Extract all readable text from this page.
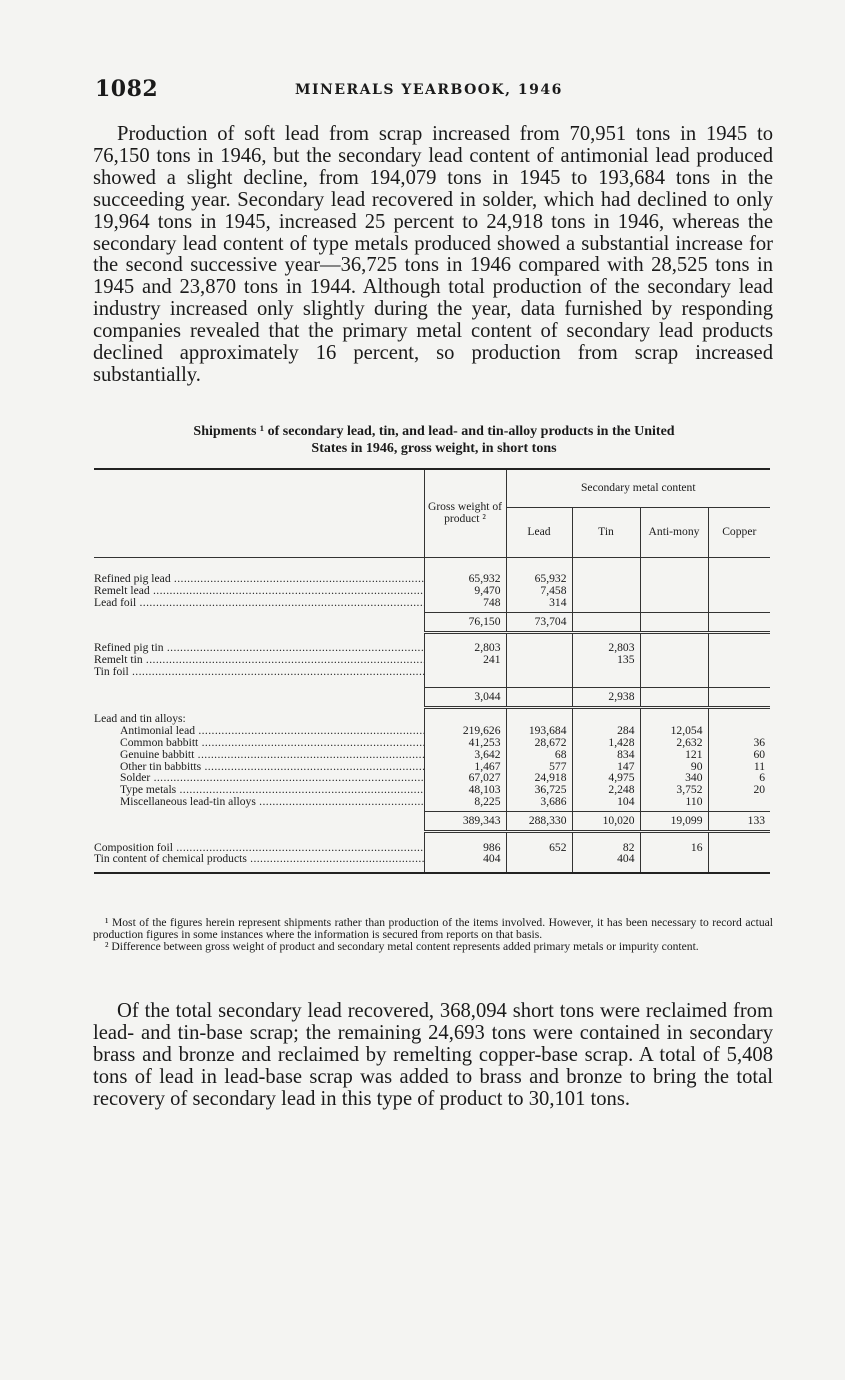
1082	MINERALS YEARBOOK, 1946

Production of soft lead from scrap increased from 70,951 tons in 1945 to 76,150 tons in 1946, but the secondary lead content of antimonial lead produced showed a slight decline, from 194,079 tons in 1945 to 193,684 tons in the succeeding year. Secondary lead recovered in solder, which had declined to only 19,964 tons in 1945, increased 25 percent to 24,918 tons in 1946, whereas the secondary lead content of type metals produced showed a substantial increase for the second successive year—36,725 tons in 1946 compared with 28,525 tons in 1945 and 23,870 tons in 1944. Although total production of the secondary lead industry increased only slightly during the year, data furnished by responding companies revealed that the primary metal content of secondary lead products declined approximately 16 percent, so production from scrap increased substantially.

Shipments ¹ of secondary lead, tin, and lead- and tin-alloy products in the United
States in 1946, gross weight, in short tons
	Gross weight of product ²	Secondary metal content			
		Lead	Tin	Anti-mony	Copper

Refined pig lead .....	65,932	65,932			
Remelt lead .....	9,470	7,458			
Lead foil .....	748	314			

	76,150	73,704			

Refined pig tin .....	2,803		2,803		
Remelt tin .....	241		135		
Tin foil .....					

	3,044		2,938		

Lead and tin alloys:					
Antimonial lead .....	219,626	193,684	284	12,054	
Common babbitt .....	41,253	28,672	1,428	2,632	36
Genuine babbitt .....	3,642	68	834	121	60
Other tin babbitts .....	1,467	577	147	90	11
Solder .....	67,027	24,918	4,975	340	6
Type metals .....	48,103	36,725	2,248	3,752	20
Miscellaneous lead-tin alloys .....	8,225	3,686	104	110	

	389,343	288,330	10,020	19,099	133

Composition foil .....	986	652	82	16	
Tin content of chemical products .....	404		404		

¹ Most of the figures herein represent shipments rather than production of the items involved. However, it has been necessary to record actual production figures in some instances where the information is secured from reports on that basis.

² Difference between gross weight of product and secondary metal content represents added primary metals or impurity content.

Of the total secondary lead recovered, 368,094 short tons were reclaimed from lead- and tin-base scrap; the remaining 24,693 tons were contained in secondary brass and bronze and reclaimed by remelting copper-base scrap. A total of 5,408 tons of lead in lead-base scrap was added to brass and bronze to bring the total recovery of secondary lead in this type of product to 30,101 tons.
